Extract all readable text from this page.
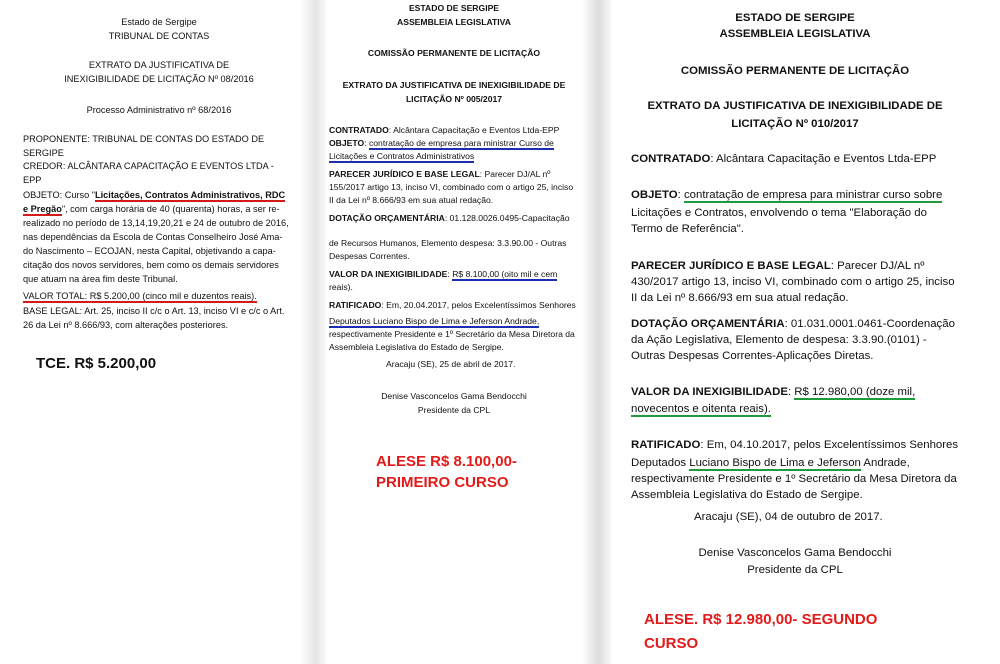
Estado de Sergipe
TRIBUNAL DE CONTAS
EXTRATO DA JUSTIFICATIVA DE
INEXIGIBILIDADE DE LICITAÇÃO Nº 08/2016
Processo Administrativo nº 68/2016
PROPONENTE: TRIBUNAL DE CONTAS DO ESTADO DE
SERGIPE
CREDOR: ALCÂNTARA CAPACITAÇÃO E EVENTOS LTDA -
EPP
OBJETO: Curso "Licitações, Contratos Administrativos, RDC
e Pregão", com carga horária de 40 (quarenta) horas, a ser re-
realizado no período de 13,14,19,20,21 e 24 de outubro de 2016,
nas dependências da Escola de Contas Conselheiro José Ama-
do Nascimento – ECOJAN, nesta Capital, objetivando a capa-
citação dos novos servidores, bem como os demais servidores
que atuam na área fim deste Tribunal.
VALOR TOTAL: R$ 5.200,00 (cinco mil e duzentos reais).
BASE LEGAL: Art. 25, inciso II c/c o Art. 13, inciso VI e c/c o Art.
26 da Lei nº 8.666/93, com alterações posteriores.
TCE. R$ 5.200,00
ESTADO DE SERGIPE
ASSEMBLEIA LEGISLATIVA
COMISSÃO PERMANENTE DE LICITAÇÃO
EXTRATO DA JUSTIFICATIVA DE INEXIGIBILIDADE DE
LICITAÇÃO Nº 005/2017
CONTRATADO: Alcântara Capacitação e Eventos Ltda-EPP
OBJETO: contratação de empresa para ministrar Curso de
Licitações e Contratos Administrativos
PARECER JURÍDICO E BASE LEGAL: Parecer DJ/AL nº
155/2017 artigo 13, inciso VI, combinado com o artigo 25, inciso
II da Lei nº 8.666/93 em sua atual redação.
DOTAÇÃO ORÇAMENTÁRIA: 01.128.0026.0495-Capacitação
de Recursos Humanos, Elemento despesa: 3.3.90.00 - Outras
Despesas Correntes.
VALOR DA INEXIGIBILIDADE: R$ 8.100,00 (oito mil e cem
reais).
RATIFICADO: Em, 20.04.2017, pelos Excelentíssimos Senhores
Deputados Luciano Bispo de Lima e Jeferson Andrade,
respectivamente Presidente e 1º Secretário da Mesa Diretora da
Assembleia Legislativa do Estado de Sergipe.
Aracaju (SE), 25 de abril de 2017.
Denise Vasconcelos Gama Bendocchi
Presidente da CPL
ALESE R$ 8.100,00-
PRIMEIRO CURSO
ESTADO DE SERGIPE
ASSEMBLEIA LEGISLATIVA
COMISSÃO PERMANENTE DE LICITAÇÃO
EXTRATO DA JUSTIFICATIVA DE INEXIGIBILIDADE DE
LICITAÇÃO Nº 010/2017
CONTRATADO: Alcântara Capacitação e Eventos Ltda-EPP
OBJETO: contratação de empresa para ministrar curso sobre
Licitações e Contratos, envolvendo o tema "Elaboração do
Termo de Referência".
PARECER JURÍDICO E BASE LEGAL: Parecer DJ/AL nº
430/2017 artigo 13, inciso VI, combinado com o artigo 25, inciso
II da Lei nº 8.666/93 em sua atual redação.
DOTAÇÃO ORÇAMENTÁRIA: 01.031.0001.0461-Coordenação
da Ação Legislativa, Elemento de despesa: 3.3.90.(0101) -
Outras Despesas Correntes-Aplicações Diretas.
VALOR DA INEXIGIBILIDADE: R$ 12.980,00 (doze mil,
novecentos e oitenta reais).
RATIFICADO: Em, 04.10.2017, pelos Excelentíssimos Senhores
Deputados Luciano Bispo de Lima e Jeferson Andrade,
respectivamente Presidente e 1º Secretário da Mesa Diretora da
Assembleia Legislativa do Estado de Sergipe.
Aracaju (SE), 04 de outubro de 2017.
Denise Vasconcelos Gama Bendocchi
Presidente da CPL
ALESE. R$ 12.980,00- SEGUNDO
CURSO
